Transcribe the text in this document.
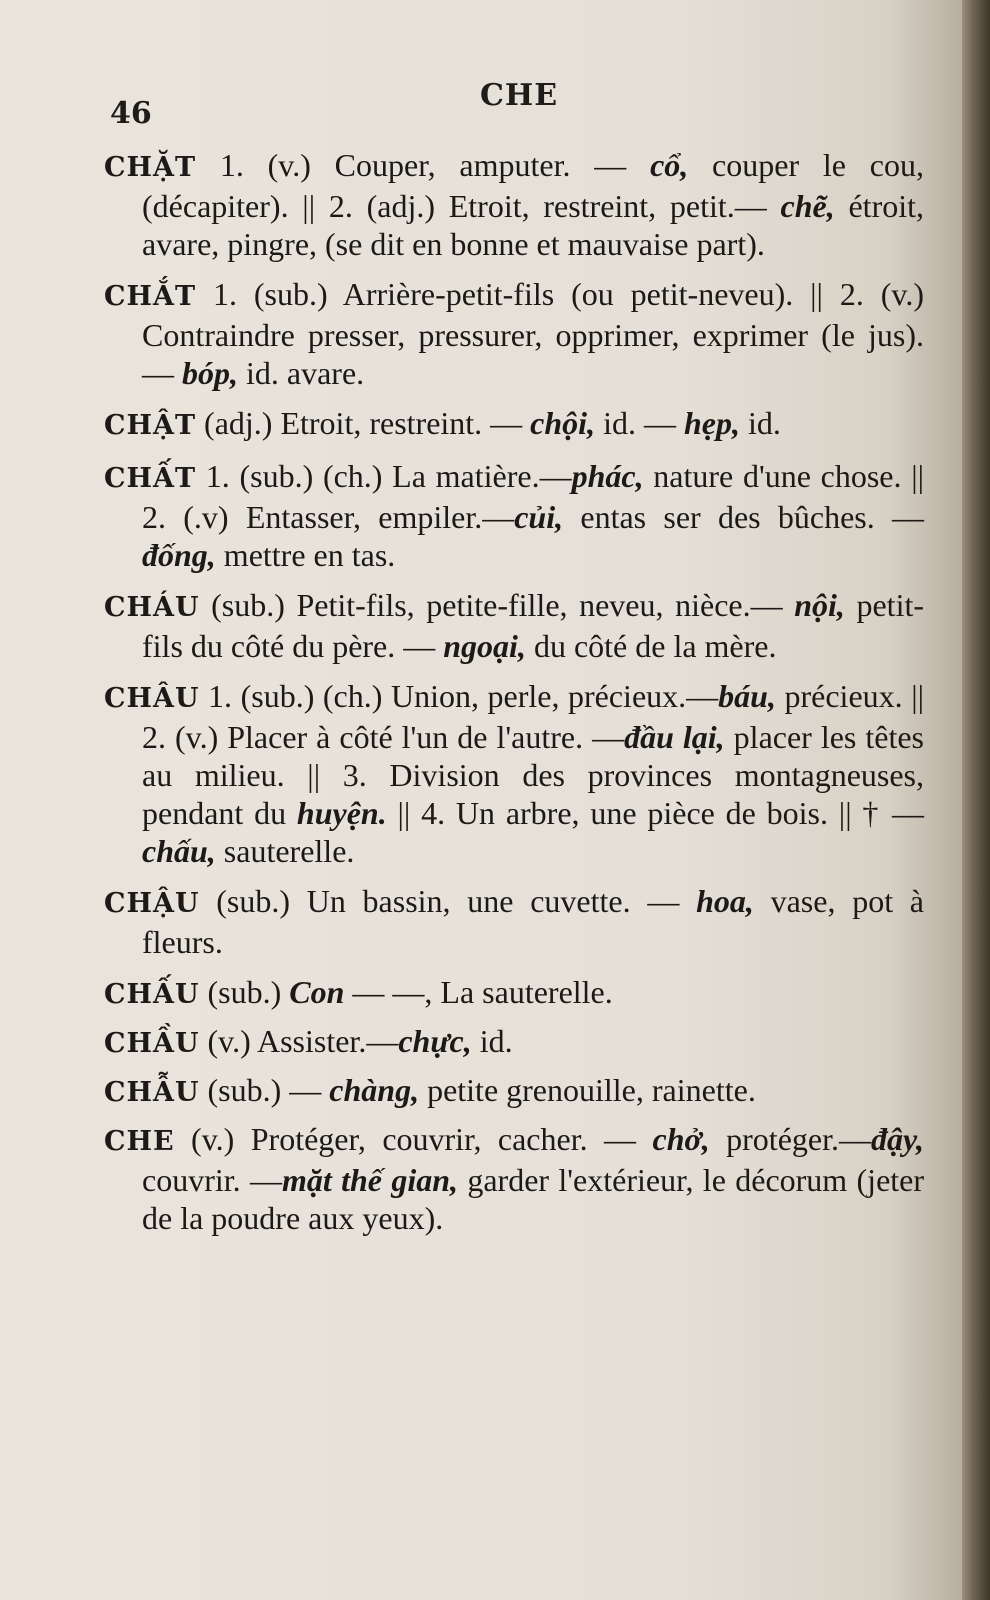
46
CHE

CHẶT 1. (v.) Couper, amputer. — cổ, couper le cou, (décapiter). || 2. (adj.) Etroit, restreint, petit.— chẽ, étroit, avare, pingre, (se dit en bonne et mauvaise part).

CHẮT 1. (sub.) Arrière-petit-fils (ou petit-neveu). || 2. (v.) Contraindre presser, pressurer, opprimer, exprimer (le jus). — bóp, id. avare.

CHẬT (adj.) Etroit, restreint. — chội, id. — hẹp, id.

CHẤT 1. (sub.) (ch.) La matière.—phác, nature d'une chose. || 2. (.v) Entasser, empiler.—củi, entas ser des bûches. — đống, mettre en tas.

CHÁU (sub.) Petit-fils, petite-fille, neveu, nièce.— nội, petit-fils du côté du père. — ngoại, du côté de la mère.

CHÂU 1. (sub.) (ch.) Union, perle, précieux.—báu, précieux. || 2. (v.) Placer à côté l'un de l'autre. —đầu lại, placer les têtes au milieu. || 3. Division des provinces montagneuses, pendant du huyện. || 4. Un arbre, une pièce de bois. || † —chấu, sauterelle.

CHẬU (sub.) Un bassin, une cuvette. — hoa, vase, pot à fleurs.

CHẤU (sub.) Con — —, La sauterelle.

CHẦU (v.) Assister.—chực, id.

CHẪU (sub.) — chàng, petite grenouille, rainette.

CHE (v.) Protéger, couvrir, cacher. — chở, protéger.—đậy, couvrir. —mặt thế gian, garder l'extérieur, le décorum (jeter de la poudre aux yeux).
